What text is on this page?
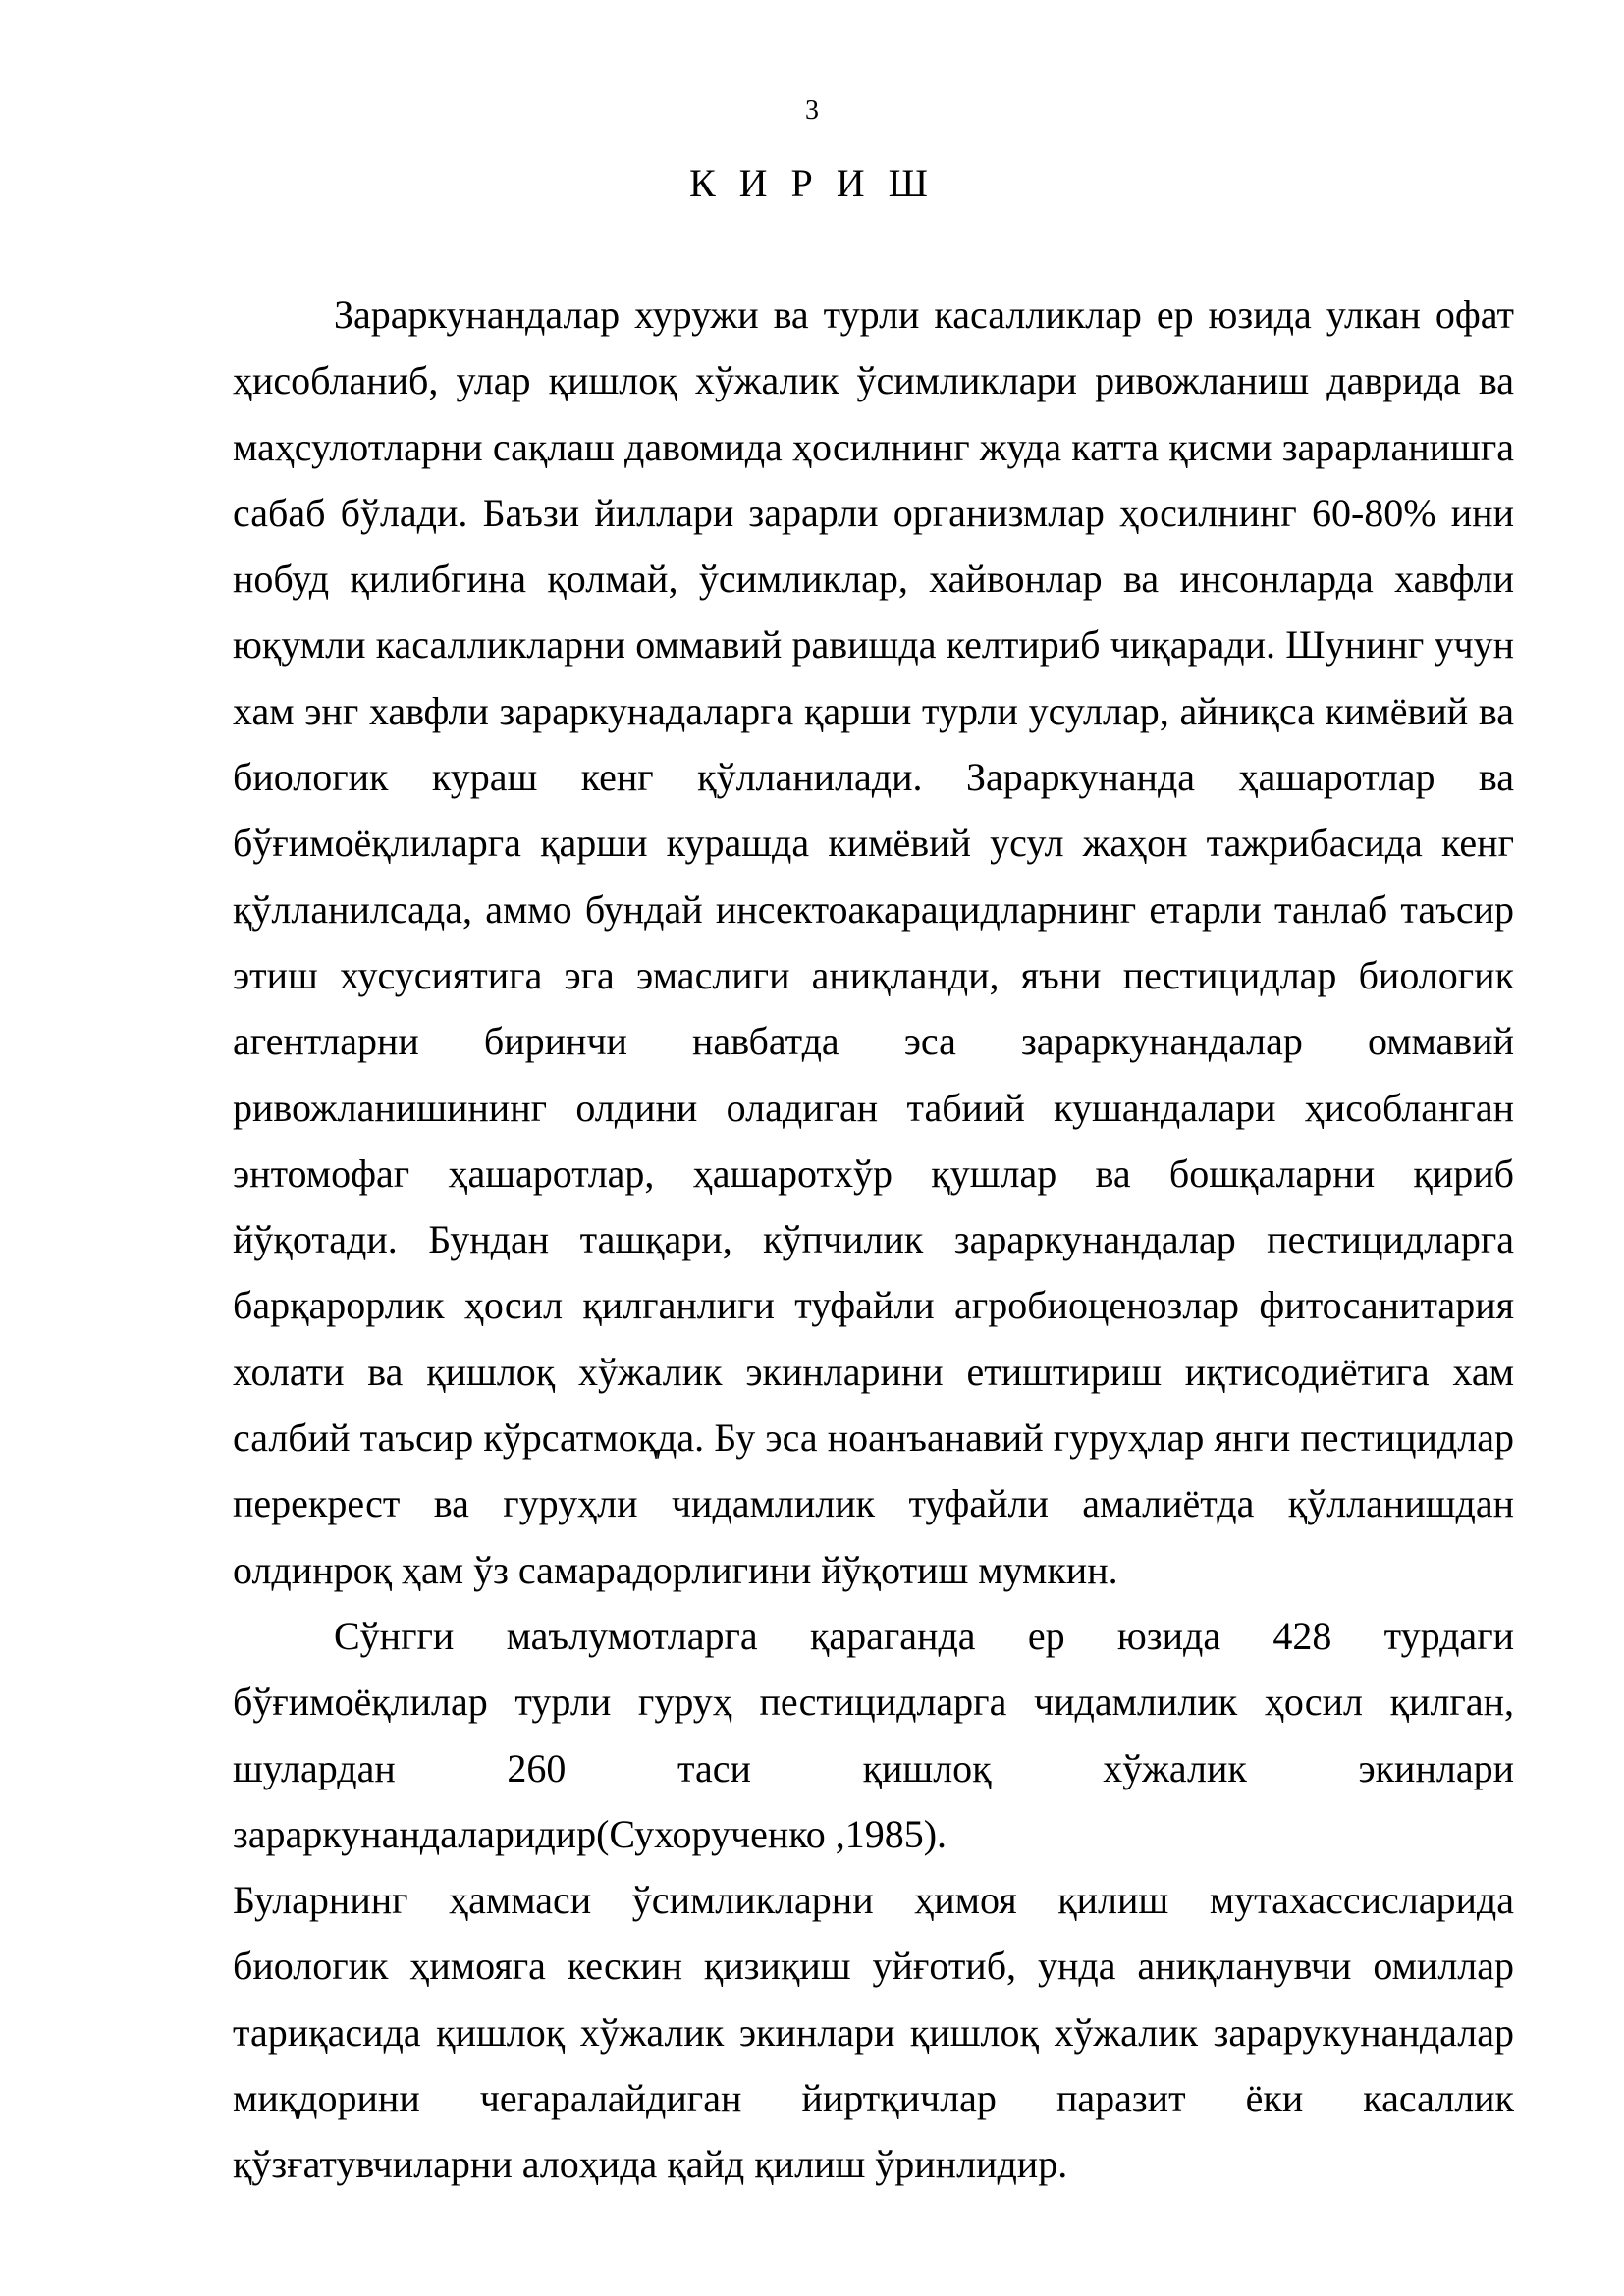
3
К И Р И Ш

Зараркунандалар хуружи ва турли касалликлар ер юзида улкан офат ҳисобланиб, улар қишлоқ хўжалик ўсимликлари ривожланиш даврида ва маҳсулотларни сақлаш давомида ҳосилнинг жуда катта қисми зарарланишга сабаб бўлади. Баъзи йиллари зарарли организмлар ҳосилнинг 60-80% ини нобуд қилибгина қолмай, ўсимликлар, хайвонлар ва инсонларда хавфли юқумли касалликларни оммавий равишда келтириб чиқаради. Шунинг учун хам энг хавфли зараркунадаларга қарши турли усуллар, айниқса кимёвий ва биологик кураш кенг қўлланилади. Зараркунанда ҳашаротлар ва бўғимоёқлиларга қарши курашда кимёвий усул жаҳон тажрибасида кенг қўлланилсада, аммо бундай инсектоакарацидларнинг етарли танлаб таъсир этиш хусусиятига эга эмаслиги аниқланди, яъни пестицидлар биологик агентларни биринчи навбатда эса зараркунандалар оммавий ривожланишининг олдини оладиган табиий кушандалари ҳисобланган энтомофаг ҳашаротлар, ҳашаротхўр қушлар ва бошқаларни қириб йўқотади. Бундан ташқари, кўпчилик зараркунандалар пестицидларга барқарорлик ҳосил қилганлиги туфайли агробиоценозлар фитосанитария холати ва қишлоқ хўжалик экинларини етиштириш иқтисодиётига хам салбий таъсир кўрсатмоқда. Бу эса ноанъанавий гуруҳлар янги пестицидлар перекрест ва гуруҳли чидамлилик туфайли амалиётда қўлланишдан олдинроқ ҳам ўз самарадорлигини йўқотиш мумкин.

Сўнгги маълумотларга қараганда ер юзида 428 турдаги бўғимоёқлилар турли гуруҳ пестицидларга чидамлилик ҳосил қилган, шулардан 260 таси қишлоқ хўжалик экинлари зараркунандаларидир(Сухорученко ,1985).

Буларнинг ҳаммаси ўсимликларни ҳимоя қилиш мутахассисларида биологик ҳимояга кескин қизиқиш уйғотиб, унда аниқланувчи омиллар тариқасида қишлоқ хўжалик экинлари қишлоқ хўжалик зарарукунандалар миқдорини чегаралайдиган йиртқичлар паразит ёки касаллик қўзғатувчиларни алоҳида қайд қилиш ўринлидир.
